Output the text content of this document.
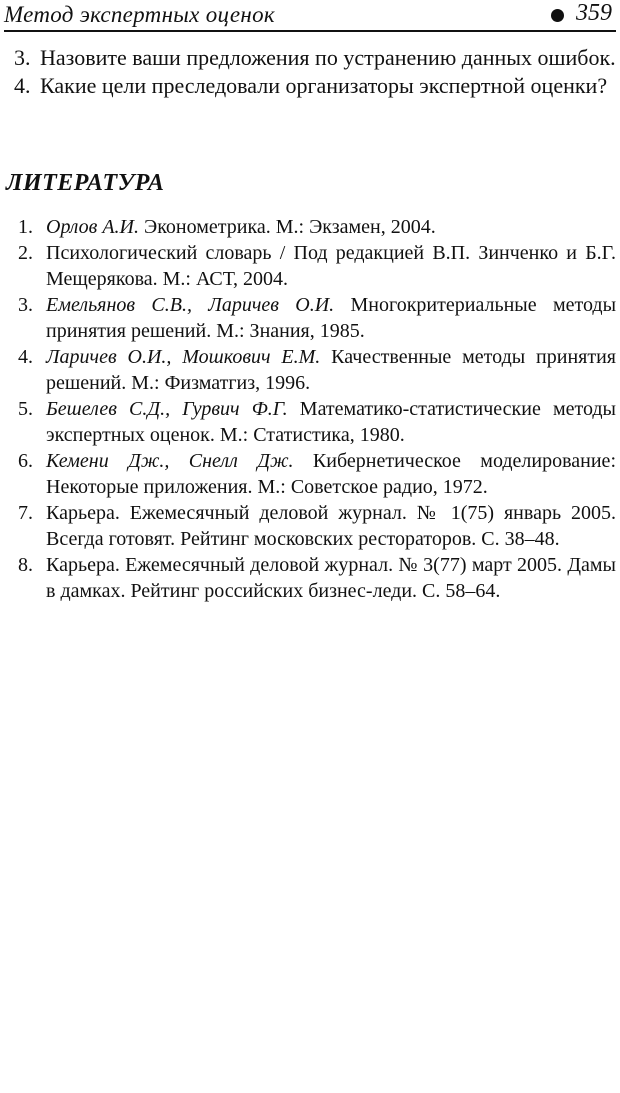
Метод экспертных оценок	359
3. Назовите ваши предложения по устранению данных ошибок.
4. Какие цели преследовали организаторы экспертной оценки?
ЛИТЕРАТУРА
1. Орлов А.И. Эконометрика. М.: Экзамен, 2004.
2. Психологический словарь / Под редакцией В.П. Зинченко и Б.Г. Мещерякова. М.: АСТ, 2004.
3. Емельянов С.В., Ларичев О.И. Многокритериальные методы принятия решений. М.: Знания, 1985.
4. Ларичев О.И., Мошкович Е.М. Качественные методы принятия решений. М.: Физматгиз, 1996.
5. Бешелев С.Д., Гурвич Ф.Г. Математико-статистические методы экспертных оценок. М.: Статистика, 1980.
6. Кемени Дж., Снелл Дж. Кибернетическое моделирование: Некоторые приложения. М.: Советское радио, 1972.
7. Карьера. Ежемесячный деловой журнал. № 1(75) январь 2005. Всегда готовят. Рейтинг московских рестораторов. С. 38–48.
8. Карьера. Ежемесячный деловой журнал. № 3(77) март 2005. Дамы в дамках. Рейтинг российских бизнес-леди. С. 58–64.
